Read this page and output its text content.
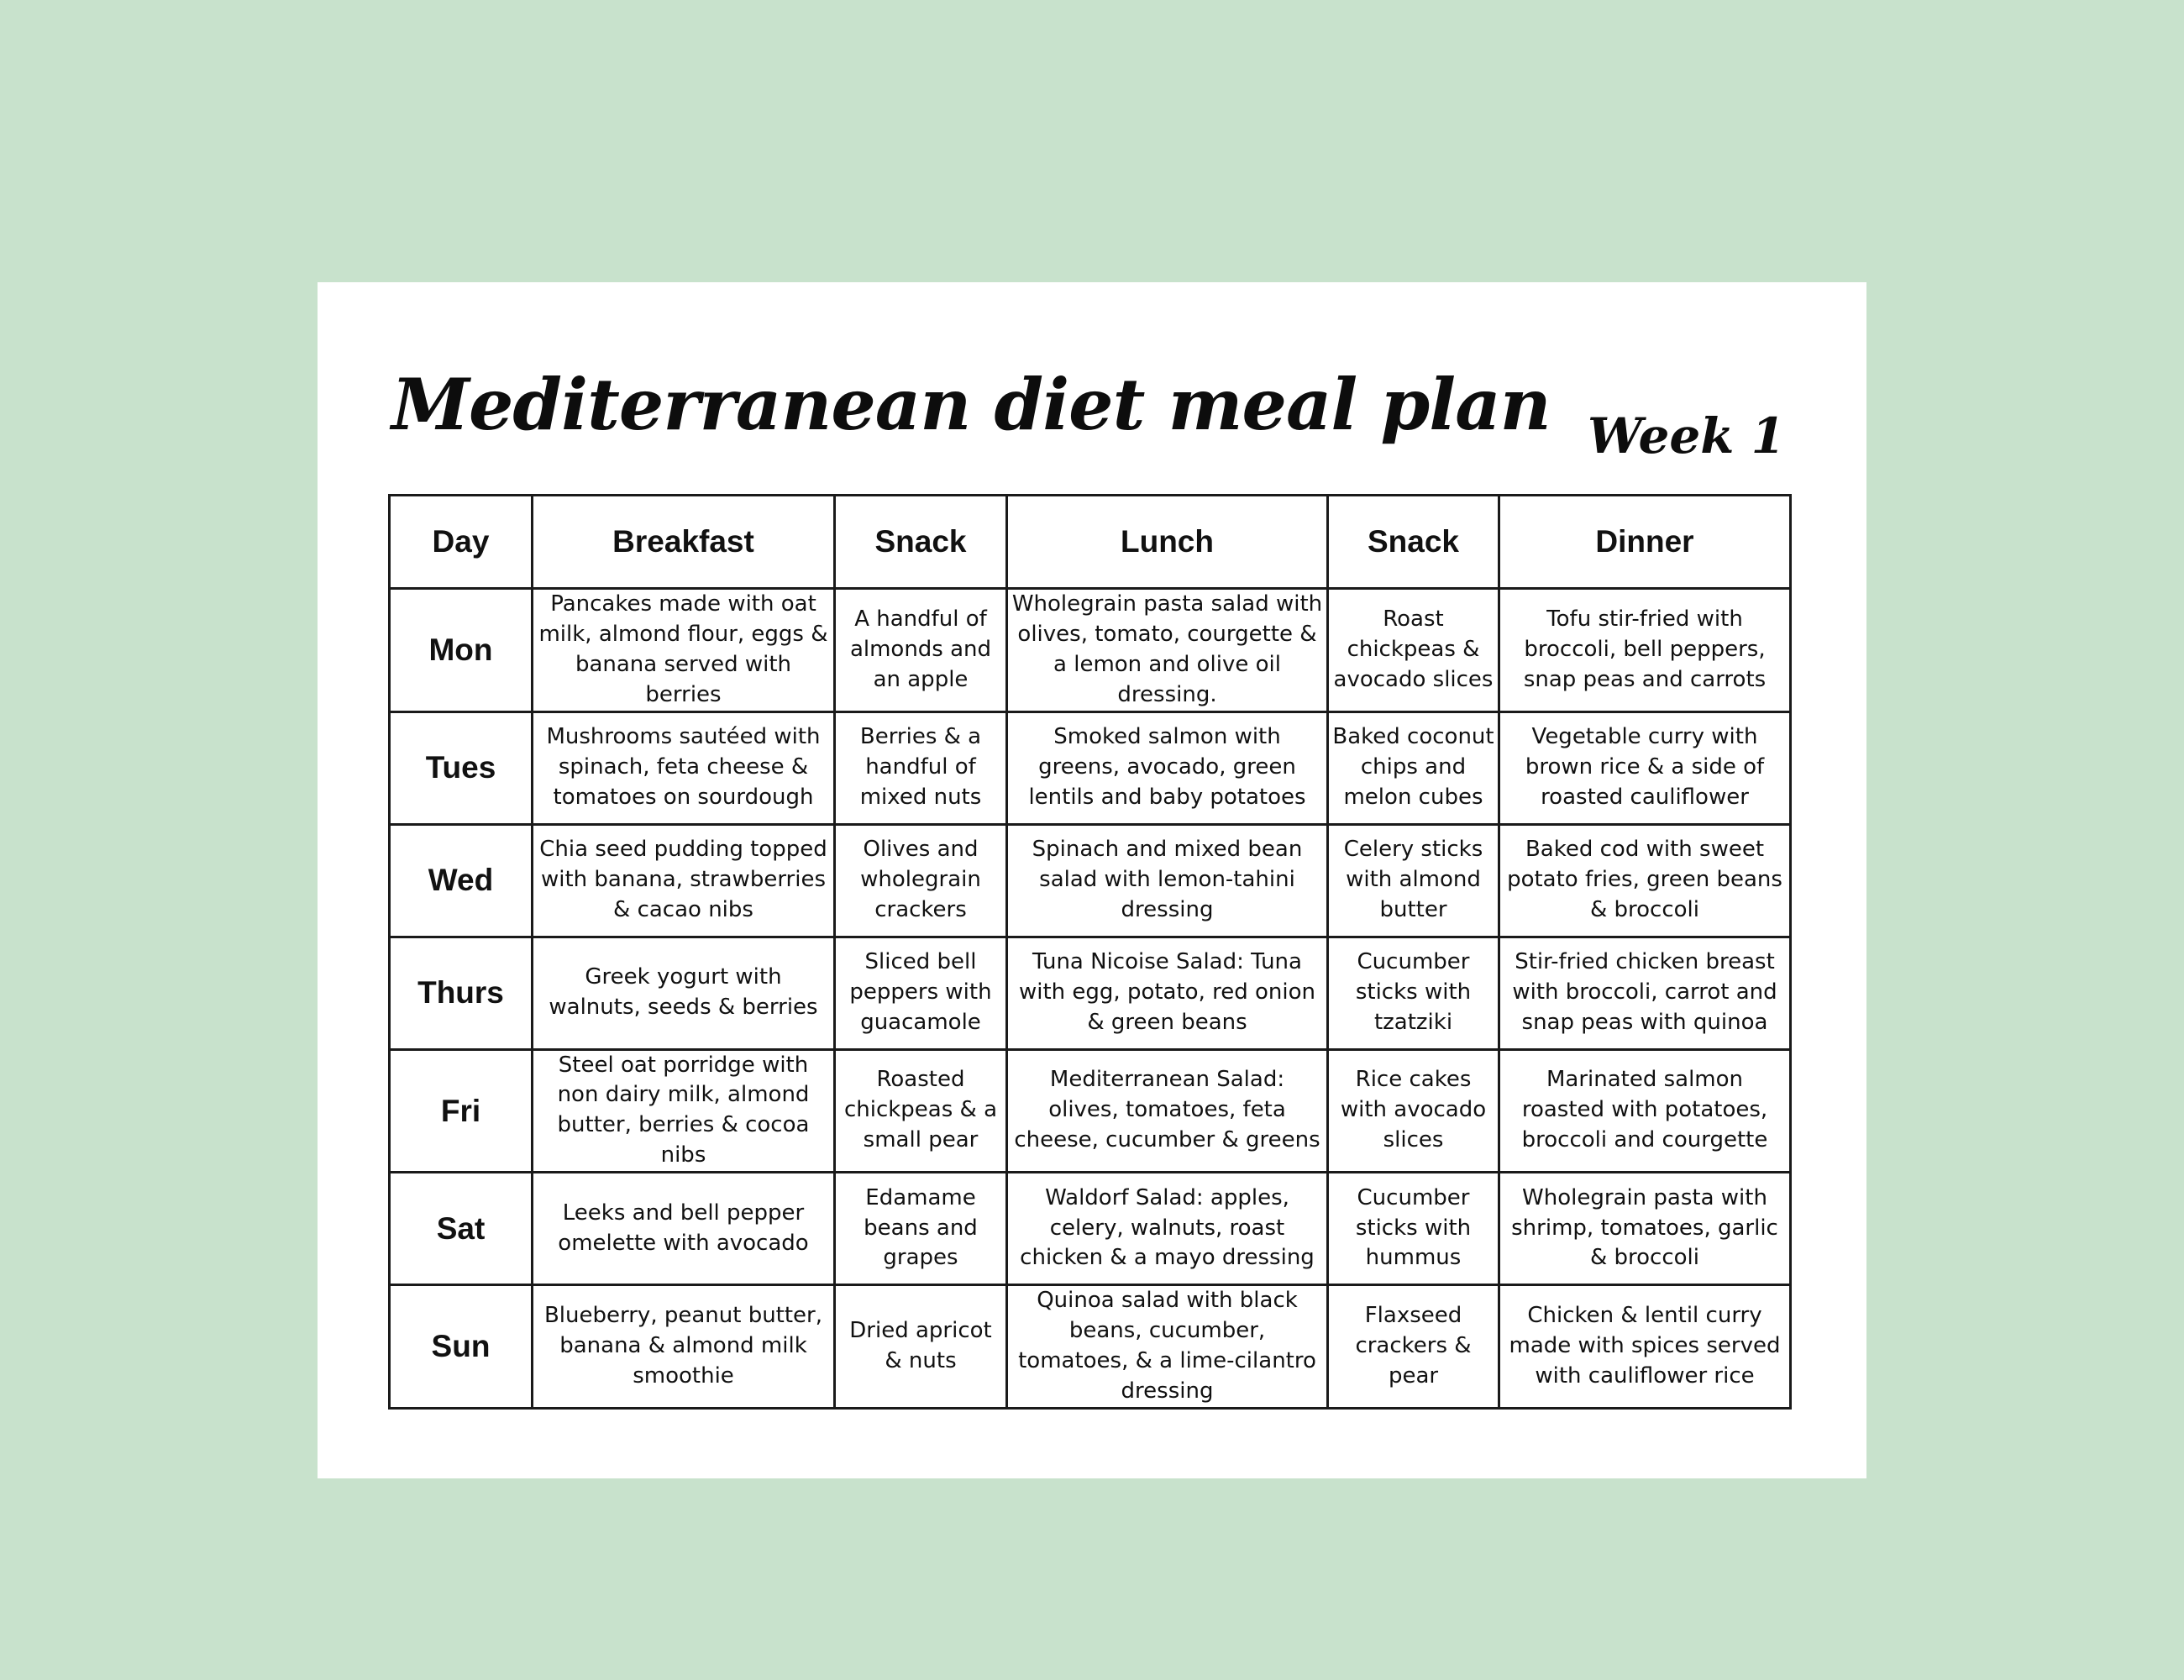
Mediterranean diet meal plan Week 1
Day	Breakfast	Snack	Lunch	Snack	Dinner
Mon	Pancakes made with oat milk, almond flour, eggs & banana served with berries	A handful of almonds and an apple	Wholegrain pasta salad with olives, tomato, courgette & a lemon and olive oil dressing.	Roast chickpeas & avocado slices	Tofu stir-fried with broccoli, bell peppers, snap peas and carrots
Tues	Mushrooms sautéed with spinach, feta cheese & tomatoes on sourdough	Berries & a handful of mixed nuts	Smoked salmon with greens, avocado, green lentils and baby potatoes	Baked coconut chips and melon cubes	Vegetable curry with brown rice & a side of roasted cauliflower
Wed	Chia seed pudding topped with banana, strawberries & cacao nibs	Olives and wholegrain crackers	Spinach and mixed bean salad with lemon-tahini dressing	Celery sticks with almond butter	Baked cod with sweet potato fries, green beans & broccoli
Thurs	Greek yogurt with walnuts, seeds & berries	Sliced bell peppers with guacamole	Tuna Nicoise Salad: Tuna with egg, potato, red onion & green beans	Cucumber sticks with tzatziki	Stir-fried chicken breast with broccoli, carrot and snap peas with quinoa
Fri	Steel oat porridge with non dairy milk, almond butter, berries & cocoa nibs	Roasted chickpeas & a small pear	Mediterranean Salad: olives, tomatoes, feta cheese, cucumber & greens	Rice cakes with avocado slices	Marinated salmon roasted with potatoes, broccoli and courgette
Sat	Leeks and bell pepper omelette with avocado	Edamame beans and grapes	Waldorf Salad: apples, celery, walnuts, roast chicken & a mayo dressing	Cucumber sticks with hummus	Wholegrain pasta with shrimp, tomatoes, garlic & broccoli
Sun	Blueberry, peanut butter, banana & almond milk smoothie	Dried apricot & nuts	Quinoa salad with black beans, cucumber, tomatoes, & a lime-cilantro dressing	Flaxseed crackers & pear	Chicken & lentil curry made with spices served with cauliflower rice
